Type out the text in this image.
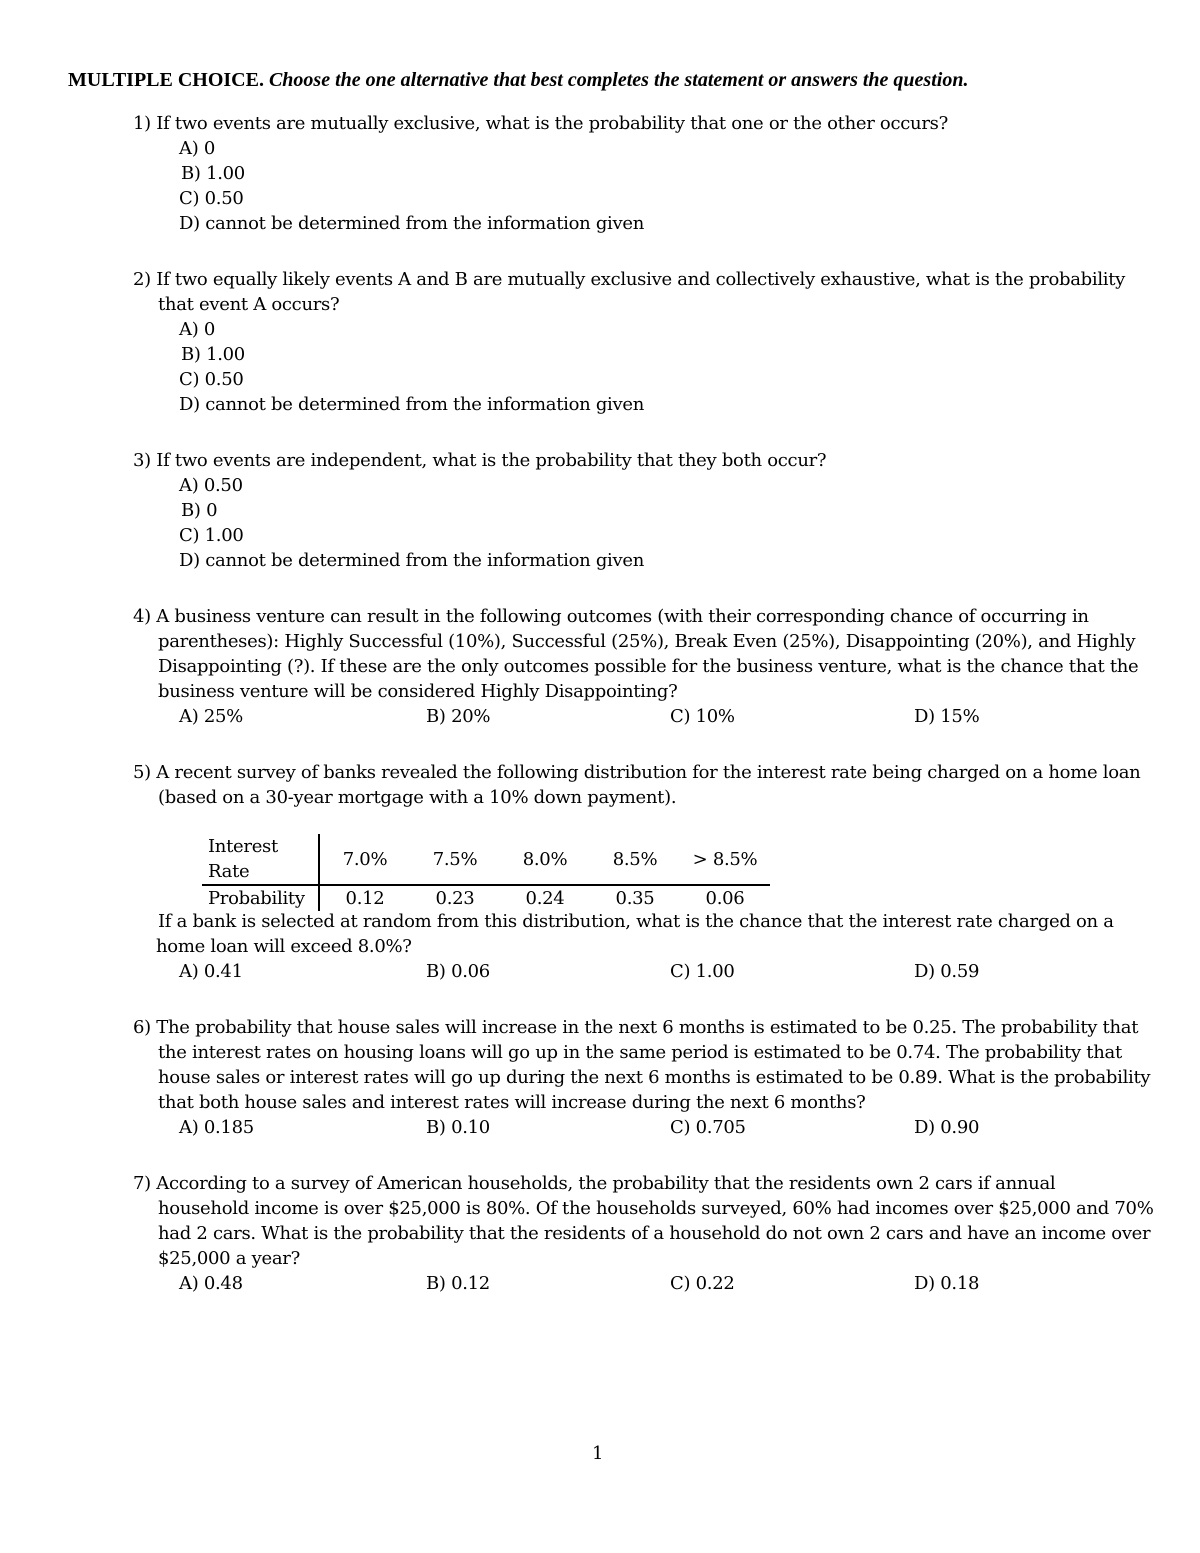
MULTIPLE CHOICE. Choose the one alternative that best completes the statement or answers the question.
1) If two events are mutually exclusive, what is the probability that one or the other occurs?
A) 0
B) 1.00
C) 0.50
D) cannot be determined from the information given
2) If two equally likely events A and B are mutually exclusive and collectively exhaustive, what is the probability
that event A occurs?
A) 0
B) 1.00
C) 0.50
D) cannot be determined from the information given
3) If two events are independent, what is the probability that they both occur?
A) 0.50
B) 0
C) 1.00
D) cannot be determined from the information given
4) A business venture can result in the following outcomes (with their corresponding chance of occurring in
parentheses): Highly Successful (10%), Successful (25%), Break Even (25%), Disappointing (20%), and Highly
Disappointing (?). If these are the only outcomes possible for the business venture, what is the chance that the
business venture will be considered Highly Disappointing?
A) 25%	B) 20%	C) 10%	D) 15%
5) A recent survey of banks revealed the following distribution for the interest rate being charged on a home loan
(based on a 30-year mortgage with a 10% down payment).
Interest Rate	7.0%	7.5%	8.0%	8.5%	> 8.5%
Probability	0.12	0.23	0.24	0.35	0.06
If a bank is selected at random from this distribution, what is the chance that the interest rate charged on a
home loan will exceed 8.0%?
A) 0.41	B) 0.06	C) 1.00	D) 0.59
6) The probability that house sales will increase in the next 6 months is estimated to be 0.25. The probability that
the interest rates on housing loans will go up in the same period is estimated to be 0.74. The probability that
house sales or interest rates will go up during the next 6 months is estimated to be 0.89. What is the probability
that both house sales and interest rates will increase during the next 6 months?
A) 0.185	B) 0.10	C) 0.705	D) 0.90
7) According to a survey of American households, the probability that the residents own 2 cars if annual
household income is over $25,000 is 80%. Of the households surveyed, 60% had incomes over $25,000 and 70%
had 2 cars. What is the probability that the residents of a household do not own 2 cars and have an income over
$25,000 a year?
A) 0.48	B) 0.12	C) 0.22	D) 0.18
1
